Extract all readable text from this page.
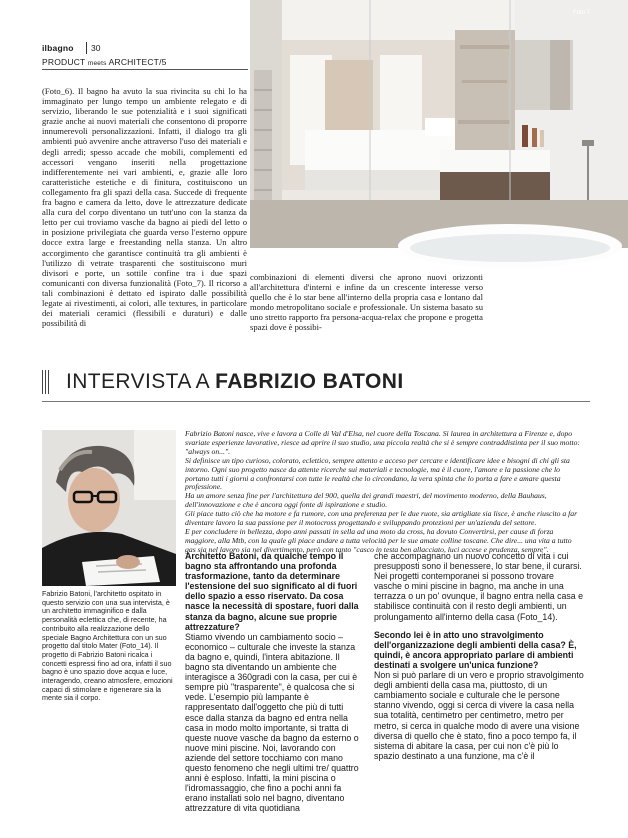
ilbagno 30
PRODUCT meets ARCHITECT/5
Foto 7
(Foto_6). Il bagno ha avuto la sua rivincita su chi lo ha immaginato per lungo tempo un ambiente relegato e di servizio, liberando le sue potenzialità e i suoi significati grazie anche ai nuovi materiali che consentono di proporre innumerevoli personalizzazioni. Infatti, il dialogo tra gli ambienti può avvenire anche attraverso l'uso dei materiali e degli arredi; spesso accade che mobili, complementi ed accessori vengano inseriti nella progettazione indifferentemente nei vari ambienti, e, grazie alle loro caratteristiche estetiche e di finitura, costituiscono un collegamento fra gli spazi della casa. Succede di frequente fra bagno e camera da letto, dove le attrezzature dedicate alla cura del corpo diventano un tutt'uno con la stanza da letto per cui troviamo vasche da bagno ai piedi del letto o in posizione privilegiata che guarda verso l'esterno oppure docce extra large e freestanding nella stanza. Un altro accorgimento che garantisce continuità tra gli ambienti è l'utilizzo di vetrate trasparenti che sostituiscono muri divisori e porte, un sottile confine tra i due spazi comunicanti con diversa funzionalità (Foto_7). Il ricorso a tali combinazioni è dettato ed ispirato dalle possibilità legate ai rivestimenti, ai colori, alle textures, in particolare dei materiali ceramici (flessibili e duraturi) e dalle possibilità di
combinazioni di elementi diversi che aprono nuovi orizzonti all'architettura d'interni e infine da un crescente interesse verso quello che è lo star bene all'interno della propria casa e lontano dal mondo metropolitano sociale e professionale. Un sistema basato su uno stretto rapporto fra persona-acqua-relax che propone e progetta spazi dove è possibi-
INTERVISTA A FABRIZIO BATONI
Fabrizio Batoni, l'architetto ospitato in questo servizio con una sua intervista, è un architetto immaginifico e dalla personalità eclettica che, di recente, ha contribuito alla realizzazione dello speciale Bagno Architettura con un suo progetto dal titolo Mater (Foto_14). Il progetto di Fabrizio Batoni ricalca i concetti espressi fino ad ora, infatti il suo bagno è uno spazio dove acqua e luce, interagendo, creano atmosfere, emozioni capaci di stimolare e rigenerare sia la mente sia il corpo.

Fabrizio Batoni nasce, vive e lavora a Colle di Val d'Elsa, nel cuore della Toscana. Si laurea in architettura a Firenze e, dopo svariate esperienze lavorative, riesce ad aprire il suo studio, una piccola realtà che si è sempre contraddistinta per il suo motto: "always on...".

Si definisce un tipo curioso, colorato, eclettico, sempre attento e acceso per cercare e identificare idee e bisogni di chi gli sta intorno. Ogni suo progetto nasce da attente ricerche sui materiali e tecnologie, ma è il cuore, l'amore e la passione che lo portano tutti i giorni a confrontarsi con tutte le realtà che lo circondano, la vera spinta che lo porta a fare e amare questa professione.

Ha un amore senza fine per l'architettura del 900, quella dei grandi maestri, del movimento moderno, della Bauhaus, dell'innovazione e che è ancora oggi fonte di ispirazione e studio.

Gli piace tutto ciò che ha motore e fa rumore, con una preferenza per le due ruote, sia artigliate sia lisce, è anche riuscito a far diventare lavoro la sua passione per il motocross progettando e sviluppando protezioni per un'azienda del settore.

E per concludere in bellezza, dopo anni passati in sella ad una moto da cross, ha dovuto Convertirsi, per cause di forza maggiore, alla Mtb, con la quale gli piace andare a tutta velocità per le sue amate colline toscane. Che dire... una vita a tutto gas sia nel lavoro sia nel divertimento, però con tanto "casco in testa ben allacciato, luci accese e prudenza, sempre".

Architetto Batoni, da qualche tempo il bagno sta affrontando una profonda trasformazione, tanto da determinare l'estensione del suo significato al di fuori dello spazio a esso riservato. Da cosa nasce la necessità di spostare, fuori dalla stanza da bagno, alcune sue proprie attrezzature?

Stiamo vivendo un cambiamento socio – economico – culturale che investe la stanza da bagno e, quindi, l'intera abitazione. Il bagno sta diventando un ambiente che interagisce a 360gradi con la casa, per cui è sempre più "trasparente", è qualcosa che si vede. L'esempio più lampante è rappresentato dall'oggetto che più di tutti esce dalla stanza da bagno ed entra nella casa in modo molto importante, si tratta di queste nuove vasche da bagno da esterno o nuove mini piscine. Noi, lavorando con aziende del settore tocchiamo con mano questo fenomeno che negli ultimi tre/ quattro anni è esploso. Infatti, la mini piscina o l'idromassaggio, che fino a pochi anni fa erano installati solo nel bagno, diventano attrezzature di vita quotidiana

che accompagnano un nuovo concetto di vita i cui presupposti sono il benessere, lo star bene, il curarsi. Nei progetti contemporanei si possono trovare vasche o mini piscine in bagno, ma anche in una terrazza o un po' ovunque, il bagno entra nella casa e stabilisce continuità con il resto degli ambienti, un prolungamento all'interno della casa (Foto_14).

Secondo lei è in atto uno stravolgimento dell'organizzazione degli ambienti della casa? È, quindi, è ancora appropriato parlare di ambienti destinati a svolgere un'unica funzione?

Non si può parlare di un vero e proprio stravolgimento degli ambienti della casa ma, piuttosto, di un cambiamento sociale e culturale che le persone stanno vivendo, oggi si cerca di vivere la casa nella sua totalità, centimetro per centimetro, metro per metro, si cerca in qualche modo di avere una visione diversa di quello che è stato, fino a poco tempo fa, il sistema di abitare la casa, per cui non c'è più lo spazio destinato a una funzione, ma c'è il
